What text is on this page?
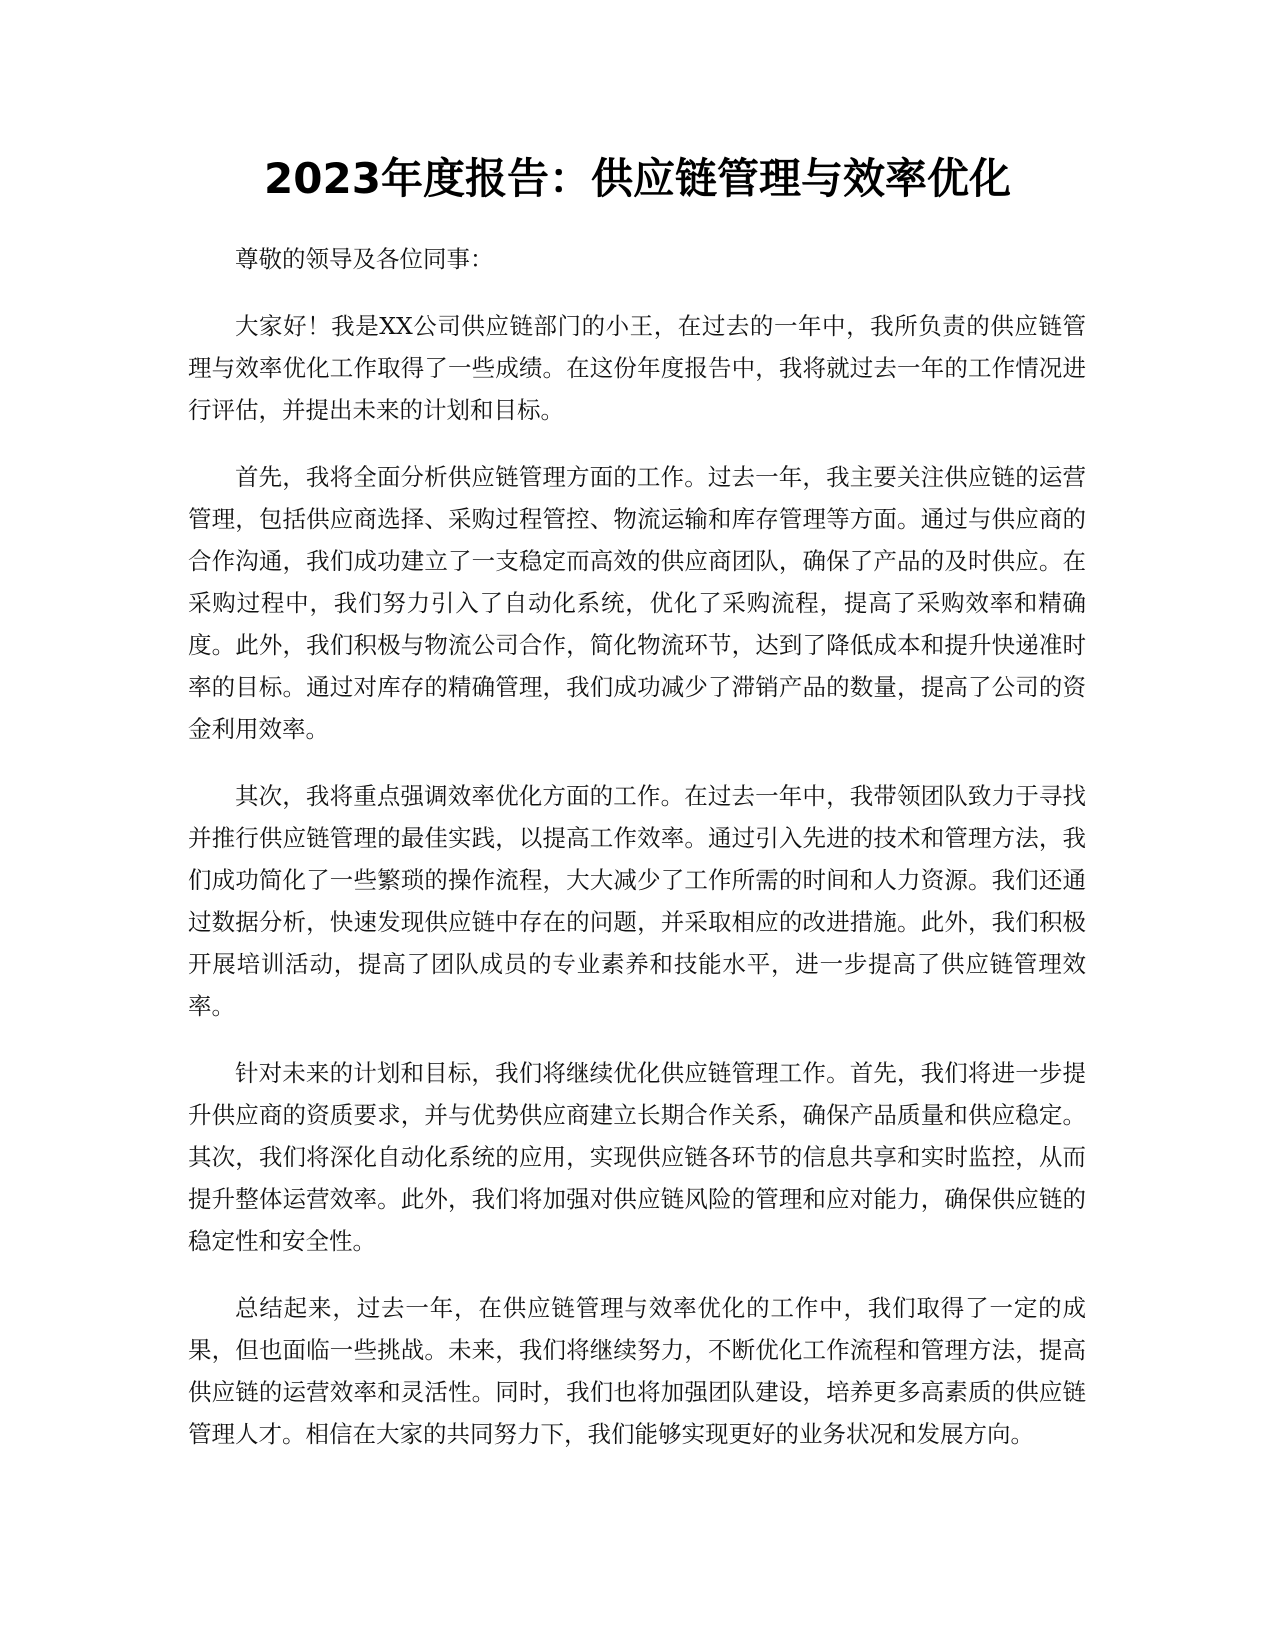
2023年度报告：供应链管理与效率优化

尊敬的领导及各位同事：

大家好！我是XX公司供应链部门的小王，在过去的一年中，我所负责的供应链管理与效率优化工作取得了一些成绩。在这份年度报告中，我将就过去一年的工作情况进行评估，并提出未来的计划和目标。

首先，我将全面分析供应链管理方面的工作。过去一年，我主要关注供应链的运营管理，包括供应商选择、采购过程管控、物流运输和库存管理等方面。通过与供应商的合作沟通，我们成功建立了一支稳定而高效的供应商团队，确保了产品的及时供应。在采购过程中，我们努力引入了自动化系统，优化了采购流程，提高了采购效率和精确度。此外，我们积极与物流公司合作，简化物流环节，达到了降低成本和提升快递准时率的目标。通过对库存的精确管理，我们成功减少了滞销产品的数量，提高了公司的资金利用效率。

其次，我将重点强调效率优化方面的工作。在过去一年中，我带领团队致力于寻找并推行供应链管理的最佳实践，以提高工作效率。通过引入先进的技术和管理方法，我们成功简化了一些繁琐的操作流程，大大减少了工作所需的时间和人力资源。我们还通过数据分析，快速发现供应链中存在的问题，并采取相应的改进措施。此外，我们积极开展培训活动，提高了团队成员的专业素养和技能水平，进一步提高了供应链管理效率。

针对未来的计划和目标，我们将继续优化供应链管理工作。首先，我们将进一步提升供应商的资质要求，并与优势供应商建立长期合作关系，确保产品质量和供应稳定。其次，我们将深化自动化系统的应用，实现供应链各环节的信息共享和实时监控，从而提升整体运营效率。此外，我们将加强对供应链风险的管理和应对能力，确保供应链的稳定性和安全性。

总结起来，过去一年，在供应链管理与效率优化的工作中，我们取得了一定的成果，但也面临一些挑战。未来，我们将继续努力，不断优化工作流程和管理方法，提高供应链的运营效率和灵活性。同时，我们也将加强团队建设，培养更多高素质的供应链管理人才。相信在大家的共同努力下，我们能够实现更好的业务状况和发展方向。
